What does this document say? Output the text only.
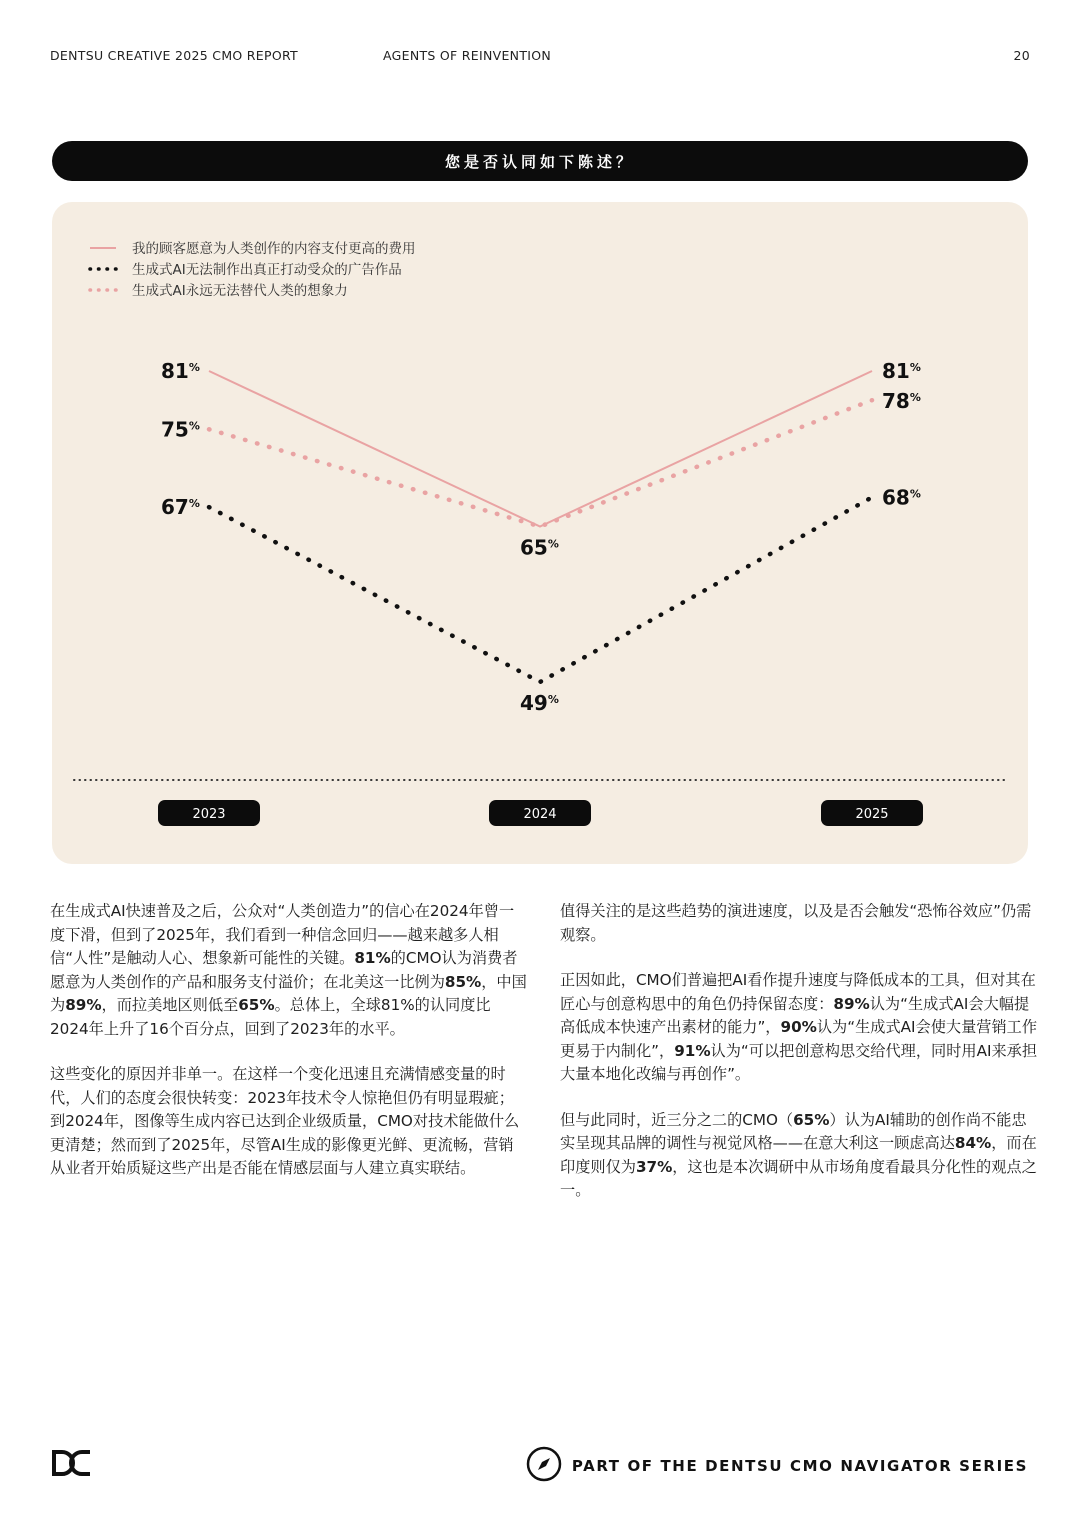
DENTSU CREATIVE 2025 CMO REPORT	AGENTS OF REINVENTION	20
您是否认同如下陈述？
我的顾客愿意为人类创作的内容支付更高的费用
生成式AI无法制作出真正打动受众的广告作品
生成式AI永远无法替代人类的想象力
81%
75%
67%
65%
49%
81%
78%
68%
2023	2024	2025

在生成式AI快速普及之后，公众对“人类创造力”的信心在2024年曾一度下滑，但到了2025年，我们看到一种信念回归——越来越多人相信“人性”是触动人心、想象新可能性的关键。81%的CMO认为消费者愿意为人类创作的产品和服务支付溢价；在北美这一比例为85%，中国为89%，而拉美地区则低至65%。总体上，全球81%的认同度比2024年上升了16个百分点，回到了2023年的水平。

这些变化的原因并非单一。在这样一个变化迅速且充满情感变量的时代，人们的态度会很快转变：2023年技术令人惊艳但仍有明显瑕疵；到2024年，图像等生成内容已达到企业级质量，CMO对技术能做什么更清楚；然而到了2025年，尽管AI生成的影像更光鲜、更流畅，营销从业者开始质疑这些产出是否能在情感层面与人建立真实联结。

值得关注的是这些趋势的演进速度，以及是否会触发“恐怖谷效应”仍需观察。

正因如此，CMO们普遍把AI看作提升速度与降低成本的工具，但对其在匠心与创意构思中的角色仍持保留态度：89%认为“生成式AI会大幅提高低成本快速产出素材的能力”，90%认为“生成式AI会使大量营销工作更易于内制化”，91%认为“可以把创意构思交给代理，同时用AI来承担大量本地化改编与再创作”。

但与此同时，近三分之二的CMO（65%）认为AI辅助的创作尚不能忠实呈现其品牌的调性与视觉风格——在意大利这一顾虑高达84%，而在印度则仅为37%，这也是本次调研中从市场角度看最具分化性的观点之一。

PART OF THE DENTSU CMO NAVIGATOR SERIES
